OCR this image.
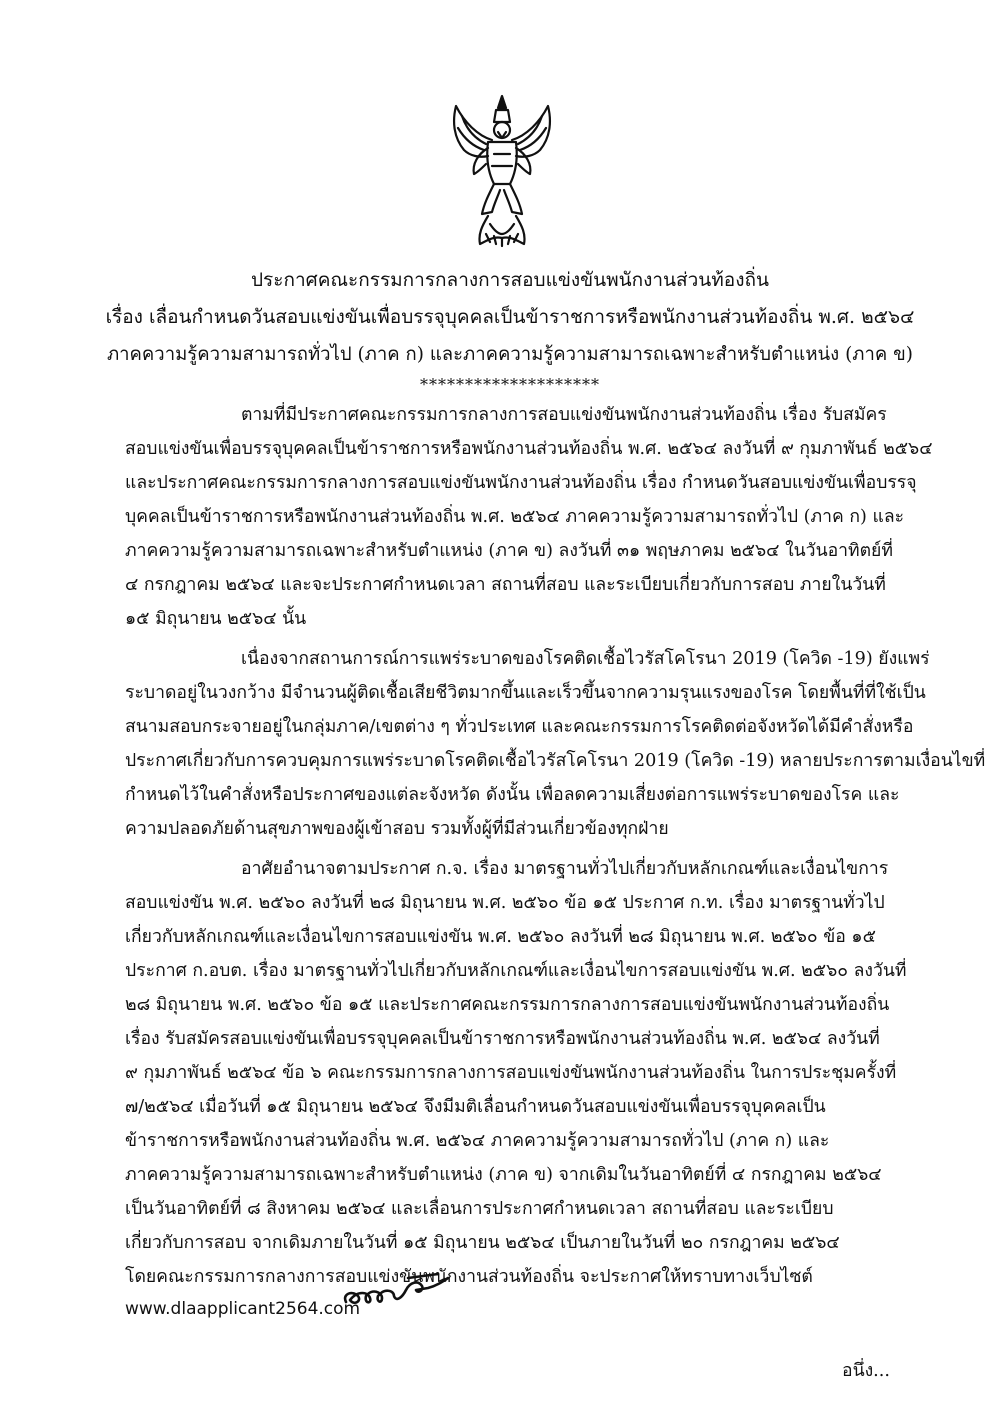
ประกาศคณะกรรมการกลางการสอบแข่งขันพนักงานส่วนท้องถิ่น
เรื่อง เลื่อนกำหนดวันสอบแข่งขันเพื่อบรรจุบุคคลเป็นข้าราชการหรือพนักงานส่วนท้องถิ่น พ.ศ. ๒๕๖๔
ภาคความรู้ความสามารถทั่วไป (ภาค ก) และภาคความรู้ความสามารถเฉพาะสำหรับตำแหน่ง (ภาค ข)
********************

ตามที่มีประกาศคณะกรรมการกลางการสอบแข่งขันพนักงานส่วนท้องถิ่น เรื่อง รับสมัคร
สอบแข่งขันเพื่อบรรจุบุคคลเป็นข้าราชการหรือพนักงานส่วนท้องถิ่น พ.ศ. ๒๕๖๔ ลงวันที่ ๙ กุมภาพันธ์ ๒๕๖๔
และประกาศคณะกรรมการกลางการสอบแข่งขันพนักงานส่วนท้องถิ่น เรื่อง กำหนดวันสอบแข่งขันเพื่อบรรจุ
บุคคลเป็นข้าราชการหรือพนักงานส่วนท้องถิ่น พ.ศ. ๒๕๖๔ ภาคความรู้ความสามารถทั่วไป (ภาค ก) และ
ภาคความรู้ความสามารถเฉพาะสำหรับตำแหน่ง (ภาค ข) ลงวันที่ ๓๑ พฤษภาคม ๒๕๖๔ ในวันอาทิตย์ที่
๔ กรกฎาคม ๒๕๖๔ และจะประกาศกำหนดเวลา สถานที่สอบ และระเบียบเกี่ยวกับการสอบ ภายในวันที่
๑๕ มิถุนายน ๒๕๖๔ นั้น

เนื่องจากสถานการณ์การแพร่ระบาดของโรคติดเชื้อไวรัสโคโรนา 2019 (โควิด -19) ยังแพร่
ระบาดอยู่ในวงกว้าง มีจำนวนผู้ติดเชื้อเสียชีวิตมากขึ้นและเร็วขึ้นจากความรุนแรงของโรค โดยพื้นที่ที่ใช้เป็น
สนามสอบกระจายอยู่ในกลุ่มภาค/เขตต่าง ๆ ทั่วประเทศ และคณะกรรมการโรคติดต่อจังหวัดได้มีคำสั่งหรือ
ประกาศเกี่ยวกับการควบคุมการแพร่ระบาดโรคติดเชื้อไวรัสโคโรนา 2019 (โควิด -19) หลายประการตามเงื่อนไขที่
กำหนดไว้ในคำสั่งหรือประกาศของแต่ละจังหวัด ดังนั้น เพื่อลดความเสี่ยงต่อการแพร่ระบาดของโรค และ
ความปลอดภัยด้านสุขภาพของผู้เข้าสอบ รวมทั้งผู้ที่มีส่วนเกี่ยวข้องทุกฝ่าย

อาศัยอำนาจตามประกาศ ก.จ. เรื่อง มาตรฐานทั่วไปเกี่ยวกับหลักเกณฑ์และเงื่อนไขการ
สอบแข่งขัน พ.ศ. ๒๕๖๐ ลงวันที่ ๒๘ มิถุนายน พ.ศ. ๒๕๖๐ ข้อ ๑๕ ประกาศ ก.ท. เรื่อง มาตรฐานทั่วไป
เกี่ยวกับหลักเกณฑ์และเงื่อนไขการสอบแข่งขัน พ.ศ. ๒๕๖๐ ลงวันที่ ๒๘ มิถุนายน พ.ศ. ๒๕๖๐ ข้อ ๑๕
ประกาศ ก.อบต. เรื่อง มาตรฐานทั่วไปเกี่ยวกับหลักเกณฑ์และเงื่อนไขการสอบแข่งขัน พ.ศ. ๒๕๖๐ ลงวันที่
๒๘ มิถุนายน พ.ศ. ๒๕๖๐ ข้อ ๑๕ และประกาศคณะกรรมการกลางการสอบแข่งขันพนักงานส่วนท้องถิ่น
เรื่อง รับสมัครสอบแข่งขันเพื่อบรรจุบุคคลเป็นข้าราชการหรือพนักงานส่วนท้องถิ่น พ.ศ. ๒๕๖๔ ลงวันที่
๙ กุมภาพันธ์ ๒๕๖๔ ข้อ ๖ คณะกรรมการกลางการสอบแข่งขันพนักงานส่วนท้องถิ่น ในการประชุมครั้งที่
๗/๒๕๖๔ เมื่อวันที่ ๑๕ มิถุนายน ๒๕๖๔ จึงมีมติเลื่อนกำหนดวันสอบแข่งขันเพื่อบรรจุบุคคลเป็น
ข้าราชการหรือพนักงานส่วนท้องถิ่น พ.ศ. ๒๕๖๔ ภาคความรู้ความสามารถทั่วไป (ภาค ก) และ
ภาคความรู้ความสามารถเฉพาะสำหรับตำแหน่ง (ภาค ข) จากเดิมในวันอาทิตย์ที่ ๔ กรกฎาคม ๒๕๖๔
เป็นวันอาทิตย์ที่ ๘ สิงหาคม ๒๕๖๔ และเลื่อนการประกาศกำหนดเวลา สถานที่สอบ และระเบียบ
เกี่ยวกับการสอบ จากเดิมภายในวันที่ ๑๕ มิถุนายน ๒๕๖๔ เป็นภายในวันที่ ๒๐ กรกฎาคม ๒๕๖๔
โดยคณะกรรมการกลางการสอบแข่งขันพนักงานส่วนท้องถิ่น จะประกาศให้ทราบทางเว็บไซต์

www.dlaapplicant2564.com
อนึ่ง...
